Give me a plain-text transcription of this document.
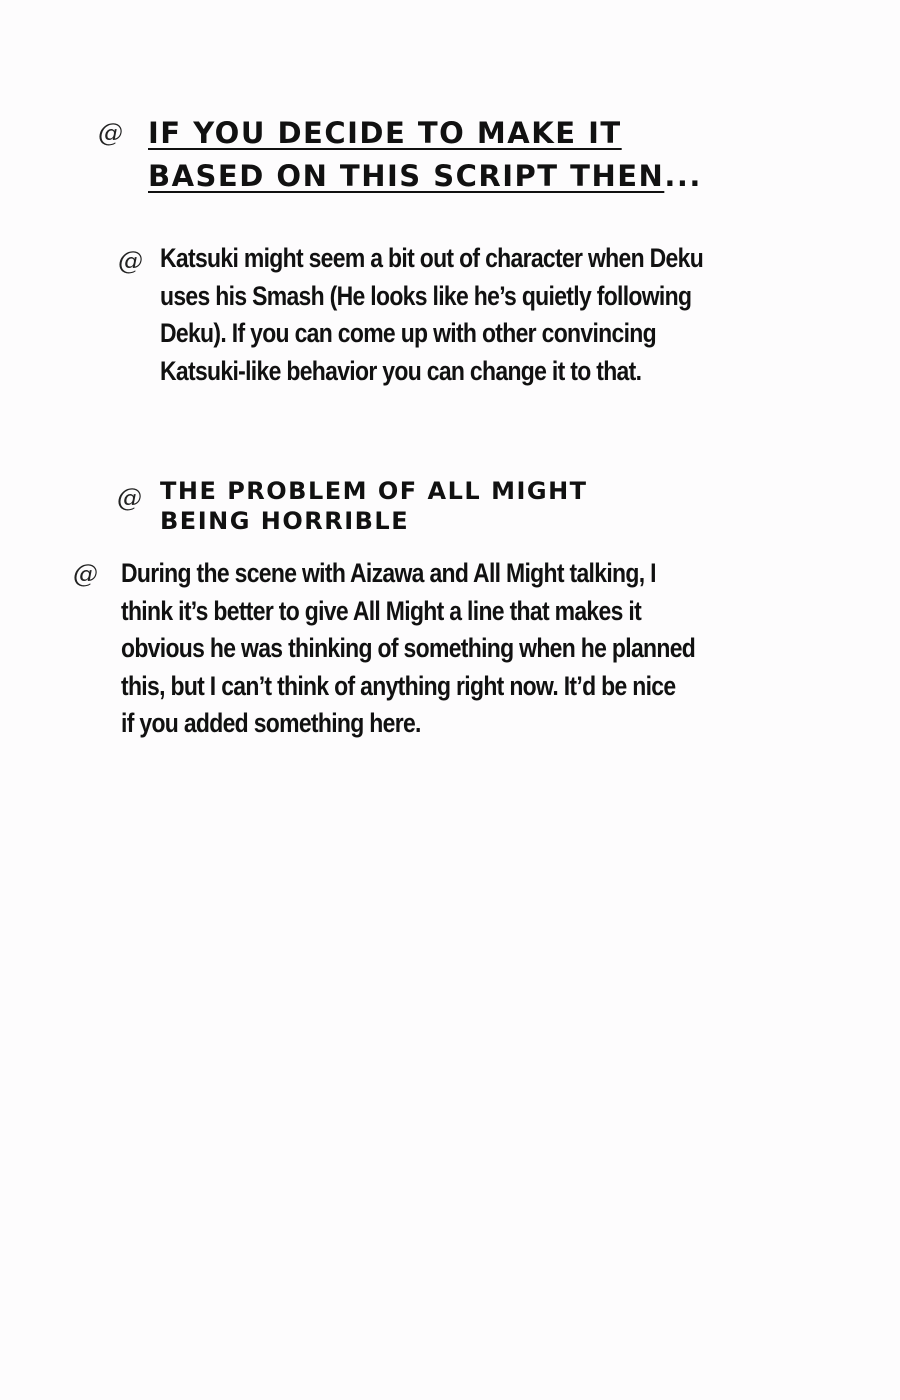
@ IF YOU DECIDE TO MAKE IT
BASED ON THIS SCRIPT THEN...
@ Katsuki might seem a bit out of character when Deku
uses his Smash (He looks like he’s quietly following
Deku). If you can come up with other convincing
Katsuki-like behavior you can change it to that.

@ THE PROBLEM OF ALL MIGHT
BEING HORRIBLE
@ During the scene with Aizawa and All Might talking, I
think it’s better to give All Might a line that makes it
obvious he was thinking of something when he planned
this, but I can’t think of anything right now. It’d be nice
if you added something here.
